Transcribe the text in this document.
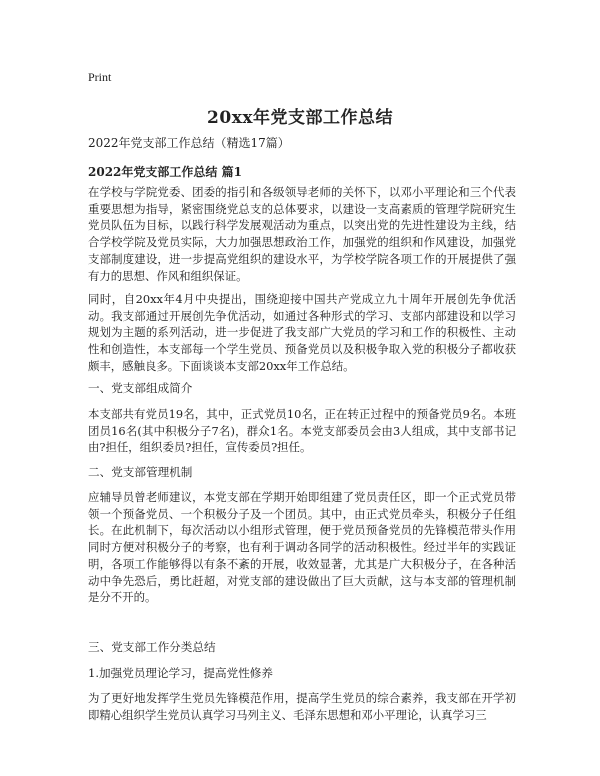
Print
20xx年党支部工作总结

2022年党支部工作总结（精选17篇）

2022年党支部工作总结 篇1

在学校与学院党委、团委的指引和各级领导老师的关怀下，以邓小平理论和三个代表重要思想为指导，紧密围绕党总支的总体要求，以建设一支高素质的管理学院研究生党员队伍为目标，以践行科学发展观活动为重点，以突出党的先进性建设为主线，结合学校学院及党员实际，大力加强思想政治工作，加强党的组织和作风建设，加强党支部制度建设，进一步提高党组织的建设水平，为学校学院各项工作的开展提供了强有力的思想、作风和组织保证。

同时，自20xx年4月中央提出，围绕迎接中国共产党成立九十周年开展创先争优活动。我支部通过开展创先争优活动，如通过各种形式的学习、支部内部建设和以学习规划为主题的系列活动，进一步促进了我支部广大党员的学习和工作的积极性、主动性和创造性，本支部每一个学生党员、预备党员以及积极争取入党的积极分子都收获颇丰，感触良多。下面谈谈本支部20xx年工作总结。

一、党支部组成简介

本支部共有党员19名，其中，正式党员10名，正在转正过程中的预备党员9名。本班团员16名(其中积极分子7名)，群众1名。本党支部委员会由3人组成，其中支部书记由?担任，组织委员?担任，宣传委员?担任。

二、党支部管理机制

应辅导员曾老师建议，本党支部在学期开始即组建了党员责任区，即一个正式党员带领一个预备党员、一个积极分子及一个团员。其中，由正式党员牵头，积极分子任组长。在此机制下，每次活动以小组形式管理，便于党员预备党员的先锋模范带头作用同时方便对积极分子的考察，也有利于调动各同学的活动积极性。经过半年的实践证明，各项工作能够得以有条不紊的开展，收效显著，尤其是广大积极分子，在各种活动中争先恐后，勇比赶超，对党支部的建设做出了巨大贡献，这与本支部的管理机制是分不开的。

三、党支部工作分类总结

1.加强党员理论学习，提高党性修养

为了更好地发挥学生党员先锋模范作用，提高学生党员的综合素养，我支部在开学初即精心组织学生党员认真学习马列主义、毛泽东思想和邓小平理论，认真学习三
